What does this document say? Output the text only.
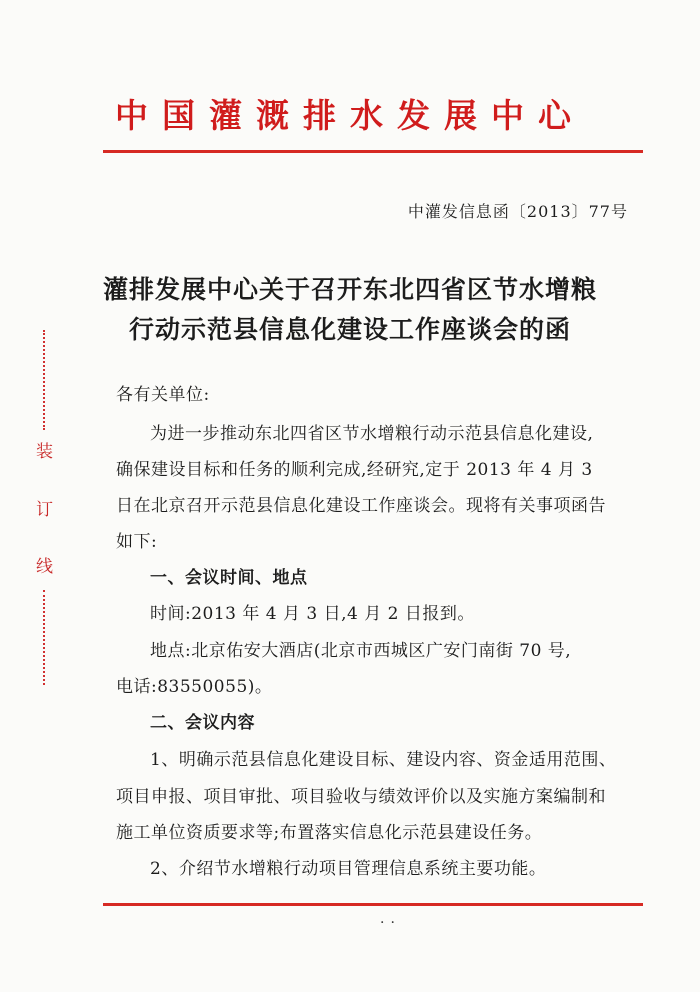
中国灌溉排水发展中心
中灌发信息函〔2013〕77号
灌排发展中心关于召开东北四省区节水增粮
行动示范县信息化建设工作座谈会的函
各有关单位:
为进一步推动东北四省区节水增粮行动示范县信息化建设,
确保建设目标和任务的顺利完成,经研究,定于 2013 年 4 月 3
日在北京召开示范县信息化建设工作座谈会。现将有关事项函告
如下:
一、会议时间、地点
时间:2013 年 4 月 3 日,4 月 2 日报到。
地点:北京佑安大酒店(北京市西城区广安门南街 70 号,
电话:83550055)。
二、会议内容
1、明确示范县信息化建设目标、建设内容、资金适用范围、
项目申报、项目审批、项目验收与绩效评价以及实施方案编制和
施工单位资质要求等;布置落实信息化示范县建设任务。
2、介绍节水增粮行动项目管理信息系统主要功能。
··
装
订
线
